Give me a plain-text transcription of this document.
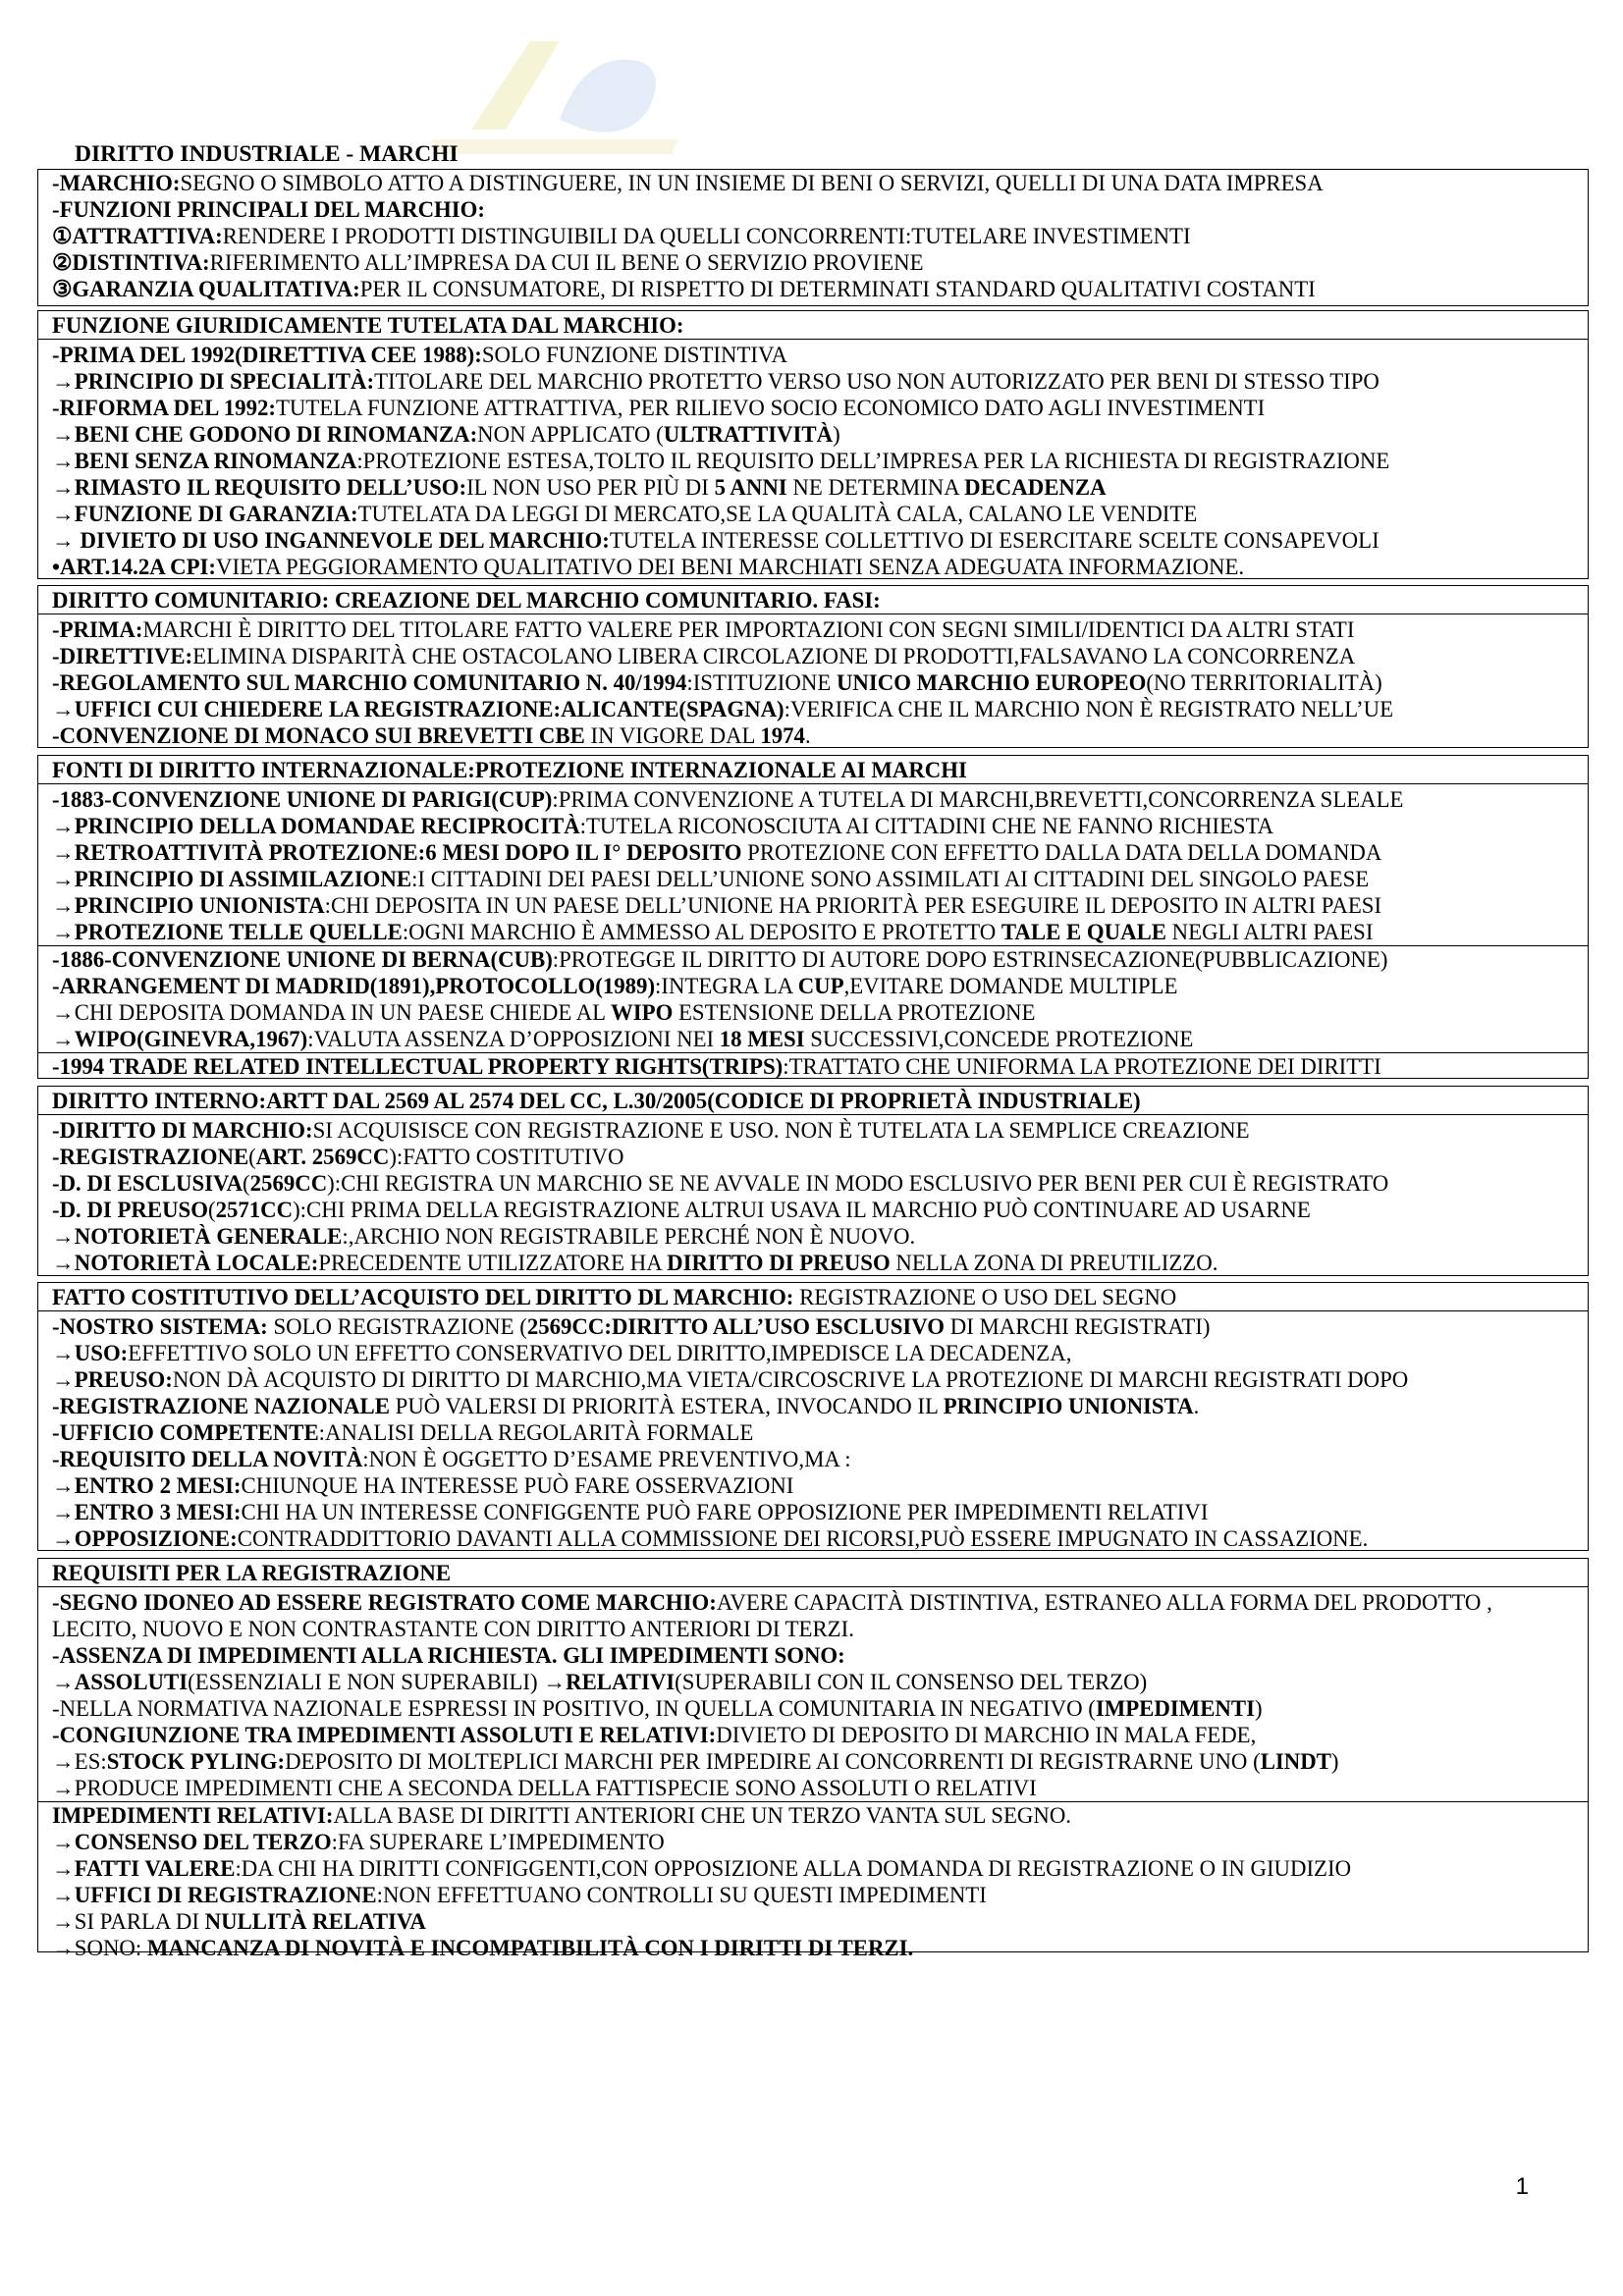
DIRITTO INDUSTRIALE - MARCHI
-MARCHIO:SEGNO O SIMBOLO ATTO A DISTINGUERE, IN UN INSIEME DI BENI O SERVIZI, QUELLI DI UNA DATA IMPRESA
-FUNZIONI PRINCIPALI DEL MARCHIO:
①ATTRATTIVA:RENDERE I PRODOTTI DISTINGUIBILI DA QUELLI CONCORRENTI:TUTELARE INVESTIMENTI
②DISTINTIVA:RIFERIMENTO ALL’IMPRESA DA CUI IL BENE O SERVIZIO PROVIENE
③GARANZIA QUALITATIVA:PER IL CONSUMATORE, DI RISPETTO DI DETERMINATI STANDARD QUALITATIVI COSTANTI
FUNZIONE GIURIDICAMENTE TUTELATA DAL MARCHIO:
-PRIMA DEL 1992(DIRETTIVA CEE 1988):SOLO FUNZIONE DISTINTIVA
→PRINCIPIO DI SPECIALITÀ:TITOLARE DEL MARCHIO PROTETTO VERSO USO NON AUTORIZZATO PER BENI DI STESSO TIPO
-RIFORMA DEL 1992:TUTELA FUNZIONE ATTRATTIVA, PER RILIEVO SOCIO ECONOMICO DATO AGLI INVESTIMENTI
→BENI CHE GODONO DI RINOMANZA:NON APPLICATO (ULTRATTIVITÀ)
→BENI SENZA RINOMANZA:PROTEZIONE ESTESA,TOLTO IL REQUISITO DELL’IMPRESA PER LA RICHIESTA DI REGISTRAZIONE
→RIMASTO IL REQUISITO DELL’USO:IL NON USO PER PIÙ DI 5 ANNI NE DETERMINA DECADENZA
→FUNZIONE DI GARANZIA:TUTELATA DA LEGGI DI MERCATO,SE LA QUALITÀ CALA, CALANO LE VENDITE
→ DIVIETO DI USO INGANNEVOLE DEL MARCHIO:TUTELA INTERESSE COLLETTIVO DI ESERCITARE SCELTE CONSAPEVOLI
•ART.14.2A CPI:VIETA PEGGIORAMENTO QUALITATIVO DEI BENI MARCHIATI SENZA ADEGUATA INFORMAZIONE.
DIRITTO COMUNITARIO: CREAZIONE DEL MARCHIO COMUNITARIO. FASI:
-PRIMA:MARCHI È DIRITTO DEL TITOLARE FATTO VALERE PER IMPORTAZIONI CON SEGNI SIMILI/IDENTICI DA ALTRI STATI
-DIRETTIVE:ELIMINA DISPARITÀ CHE OSTACOLANO LIBERA CIRCOLAZIONE DI PRODOTTI,FALSAVANO LA CONCORRENZA
-REGOLAMENTO SUL MARCHIO COMUNITARIO N. 40/1994:ISTITUZIONE UNICO MARCHIO EUROPEO(NO TERRITORIALITÀ)
→UFFICI CUI CHIEDERE LA REGISTRAZIONE:ALICANTE(SPAGNA):VERIFICA CHE IL MARCHIO NON È REGISTRATO NELL’UE
-CONVENZIONE DI MONACO SUI BREVETTI CBE IN VIGORE DAL 1974.
FONTI DI DIRITTO INTERNAZIONALE:PROTEZIONE INTERNAZIONALE AI MARCHI
-1883-CONVENZIONE UNIONE DI PARIGI(CUP):PRIMA CONVENZIONE A TUTELA DI MARCHI,BREVETTI,CONCORRENZA SLEALE
→PRINCIPIO DELLA DOMANDAE RECIPROCITÀ:TUTELA RICONOSCIUTA AI CITTADINI CHE NE FANNO RICHIESTA
→RETROATTIVITÀ PROTEZIONE:6 MESI DOPO IL I° DEPOSITO PROTEZIONE CON EFFETTO DALLA DATA DELLA DOMANDA
→PRINCIPIO DI ASSIMILAZIONE:I CITTADINI DEI PAESI DELL’UNIONE SONO ASSIMILATI AI CITTADINI DEL SINGOLO PAESE
→PRINCIPIO UNIONISTA:CHI DEPOSITA IN UN PAESE DELL’UNIONE HA PRIORITÀ PER ESEGUIRE IL DEPOSITO IN ALTRI PAESI
→PROTEZIONE TELLE QUELLE:OGNI MARCHIO È AMMESSO AL DEPOSITO E PROTETTO TALE E QUALE NEGLI ALTRI PAESI
-1886-CONVENZIONE UNIONE DI BERNA(CUB):PROTEGGE IL DIRITTO DI AUTORE DOPO ESTRINSECAZIONE(PUBBLICAZIONE)
-ARRANGEMENT DI MADRID(1891),PROTOCOLLO(1989):INTEGRA LA CUP,EVITARE DOMANDE MULTIPLE
→CHI DEPOSITA DOMANDA IN UN PAESE CHIEDE AL WIPO ESTENSIONE DELLA PROTEZIONE
→WIPO(GINEVRA,1967):VALUTA ASSENZA D’OPPOSIZIONI NEI 18 MESI SUCCESSIVI,CONCEDE PROTEZIONE
-1994 TRADE RELATED INTELLECTUAL PROPERTY RIGHTS(TRIPS):TRATTATO CHE UNIFORMA LA PROTEZIONE DEI DIRITTI
DIRITTO INTERNO:ARTT DAL 2569 AL 2574 DEL CC, L.30/2005(CODICE DI PROPRIETÀ INDUSTRIALE)
-DIRITTO DI MARCHIO:SI ACQUISISCE CON REGISTRAZIONE E USO. NON È TUTELATA LA SEMPLICE CREAZIONE
-REGISTRAZIONE(ART. 2569CC):FATTO COSTITUTIVO
-D. DI ESCLUSIVA(2569CC):CHI REGISTRA UN MARCHIO SE NE AVVALE IN MODO ESCLUSIVO PER BENI PER CUI È REGISTRATO
-D. DI PREUSO(2571CC):CHI PRIMA DELLA REGISTRAZIONE ALTRUI USAVA IL MARCHIO PUÒ CONTINUARE AD USARNE
→NOTORIETÀ GENERALE:,ARCHIO NON REGISTRABILE PERCHÉ NON È NUOVO.
→NOTORIETÀ LOCALE:PRECEDENTE UTILIZZATORE HA DIRITTO DI PREUSO NELLA ZONA DI PREUTILIZZO.
FATTO COSTITUTIVO DELL’ACQUISTO DEL DIRITTO DL MARCHIO: REGISTRAZIONE O USO DEL SEGNO
-NOSTRO SISTEMA: SOLO REGISTRAZIONE (2569CC:DIRITTO ALL’USO ESCLUSIVO DI MARCHI REGISTRATI)
→USO:EFFETTIVO SOLO UN EFFETTO CONSERVATIVO DEL DIRITTO,IMPEDISCE LA DECADENZA,
→PREUSO:NON DÀ ACQUISTO DI DIRITTO DI MARCHIO,MA VIETA/CIRCOSCRIVE LA PROTEZIONE DI MARCHI REGISTRATI DOPO
-REGISTRAZIONE NAZIONALE PUÒ VALERSI DI PRIORITÀ ESTERA, INVOCANDO IL PRINCIPIO UNIONISTA.
-UFFICIO COMPETENTE:ANALISI DELLA REGOLARITÀ FORMALE
-REQUISITO DELLA NOVITÀ:NON È OGGETTO D’ESAME PREVENTIVO,MA :
→ENTRO 2 MESI:CHIUNQUE HA INTERESSE PUÒ FARE OSSERVAZIONI
→ENTRO 3 MESI:CHI HA UN INTERESSE CONFIGGENTE PUÒ FARE OPPOSIZIONE PER IMPEDIMENTI RELATIVI
→OPPOSIZIONE:CONTRADDITTORIO DAVANTI ALLA COMMISSIONE DEI RICORSI,PUÒ ESSERE IMPUGNATO IN CASSAZIONE.
REQUISITI PER LA REGISTRAZIONE
-SEGNO IDONEO AD ESSERE REGISTRATO COME MARCHIO:AVERE CAPACITÀ DISTINTIVA, ESTRANEO ALLA FORMA DEL PRODOTTO , LECITO, NUOVO E NON CONTRASTANTE CON DIRITTO ANTERIORI DI TERZI.
-ASSENZA DI IMPEDIMENTI ALLA RICHIESTA. GLI IMPEDIMENTI SONO:
→ASSOLUTI(ESSENZIALI E NON SUPERABILI) →RELATIVI(SUPERABILI CON IL CONSENSO DEL TERZO)
-NELLA NORMATIVA NAZIONALE ESPRESSI IN POSITIVO, IN QUELLA COMUNITARIA IN NEGATIVO (IMPEDIMENTI)
-CONGIUNZIONE TRA IMPEDIMENTI ASSOLUTI E RELATIVI:DIVIETO DI DEPOSITO DI MARCHIO IN MALA FEDE,
→ES:STOCK PYLING:DEPOSITO DI MOLTEPLICI MARCHI PER IMPEDIRE AI CONCORRENTI DI REGISTRARNE UNO (LINDT)
→PRODUCE IMPEDIMENTI CHE A SECONDA DELLA FATTISPECIE SONO ASSOLUTI O RELATIVI
IMPEDIMENTI RELATIVI:ALLA BASE DI DIRITTI ANTERIORI CHE UN TERZO VANTA SUL SEGNO.
→CONSENSO DEL TERZO:FA SUPERARE L’IMPEDIMENTO
→FATTI VALERE:DA CHI HA DIRITTI CONFIGGENTI,CON OPPOSIZIONE ALLA DOMANDA DI REGISTRAZIONE O IN GIUDIZIO
→UFFICI DI REGISTRAZIONE:NON EFFETTUANO CONTROLLI SU QUESTI IMPEDIMENTI
→SI PARLA DI NULLITÀ RELATIVA
→SONO: MANCANZA DI NOVITÀ E INCOMPATIBILITÀ CON I DIRITTI DI TERZI.
1
